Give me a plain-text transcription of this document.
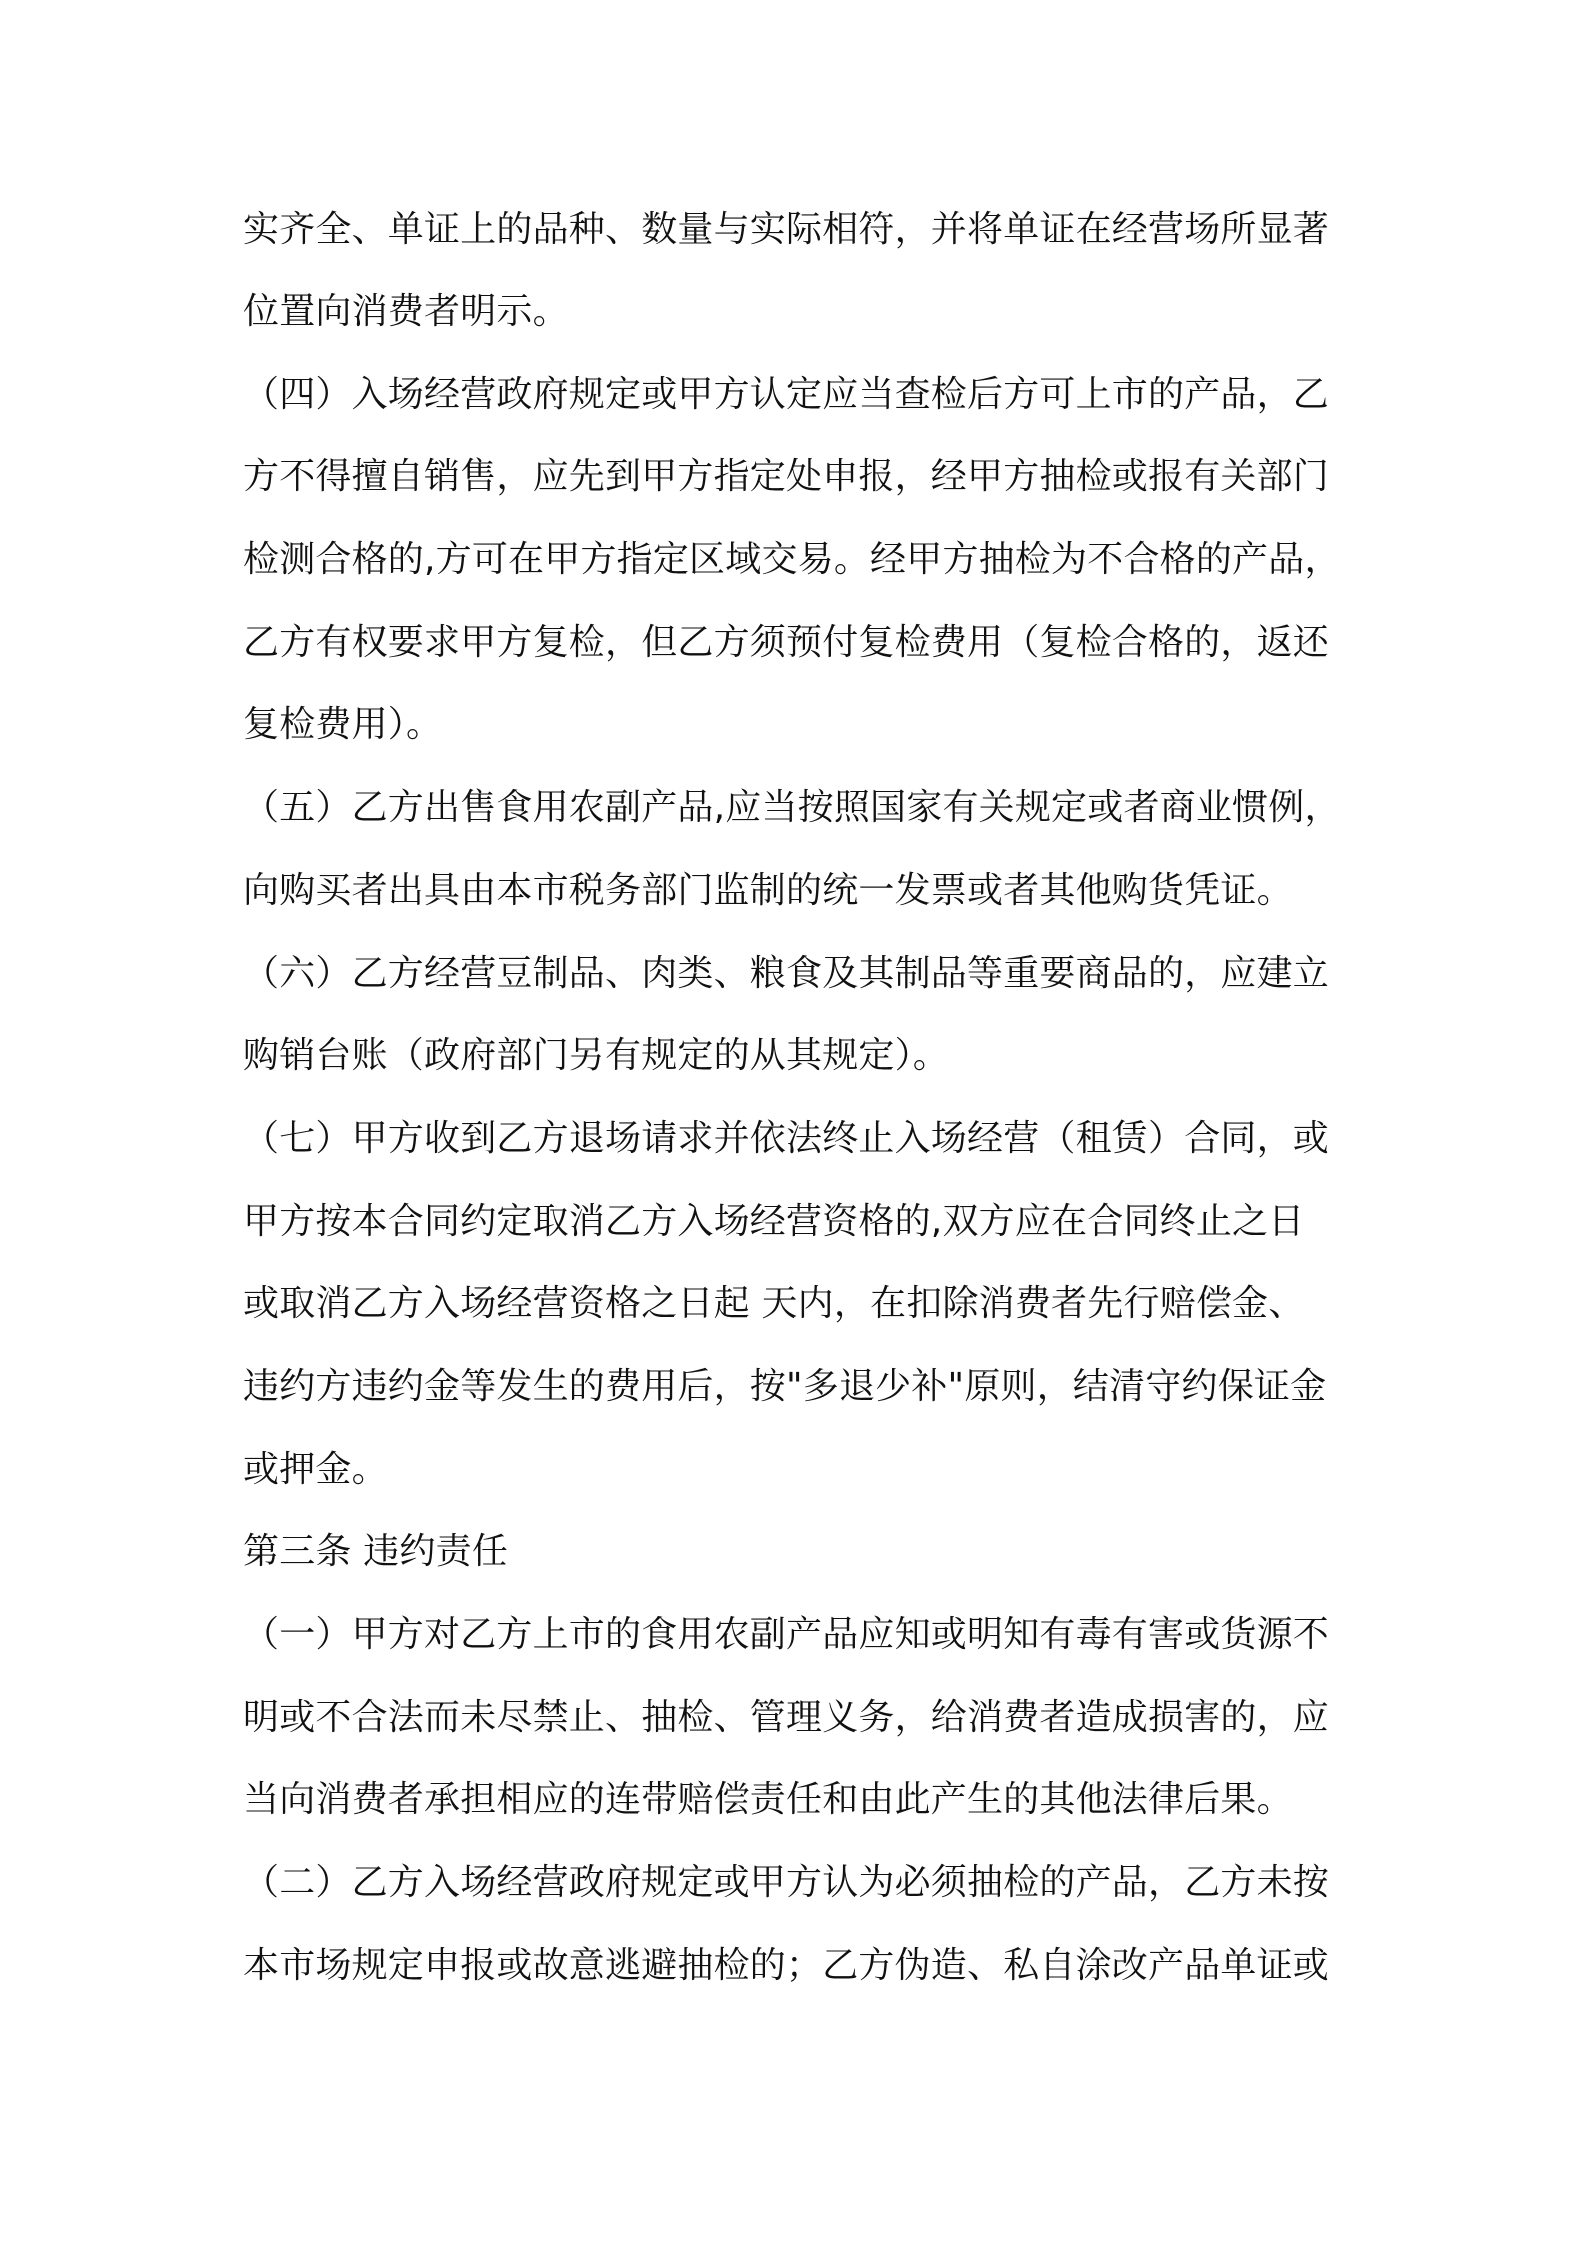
实齐全、单证上的品种、数量与实际相符，并将单证在经营场所显著
位置向消费者明示。
（四）入场经营政府规定或甲方认定应当查检后方可上市的产品，乙
方不得擅自销售，应先到甲方指定处申报，经甲方抽检或报有关部门
检测合格的,方可在甲方指定区域交易。经甲方抽检为不合格的产品，
乙方有权要求甲方复检，但乙方须预付复检费用（复检合格的，返还
复检费用）。
（五）乙方出售食用农副产品,应当按照国家有关规定或者商业惯例，
向购买者出具由本市税务部门监制的统一发票或者其他购货凭证。
（六）乙方经营豆制品、肉类、粮食及其制品等重要商品的，应建立
购销台账（政府部门另有规定的从其规定）。
（七）甲方收到乙方退场请求并依法终止入场经营（租赁）合同，或
甲方按本合同约定取消乙方入场经营资格的,双方应在合同终止之日
或取消乙方入场经营资格之日起 天内，在扣除消费者先行赔偿金、
违约方违约金等发生的费用后，按"多退少补"原则，结清守约保证金
或押金。
第三条 违约责任
（一）甲方对乙方上市的食用农副产品应知或明知有毒有害或货源不
明或不合法而未尽禁止、抽检、管理义务，给消费者造成损害的，应
当向消费者承担相应的连带赔偿责任和由此产生的其他法律后果。
（二）乙方入场经营政府规定或甲方认为必须抽检的产品，乙方未按
本市场规定申报或故意逃避抽检的；乙方伪造、私自涂改产品单证或
